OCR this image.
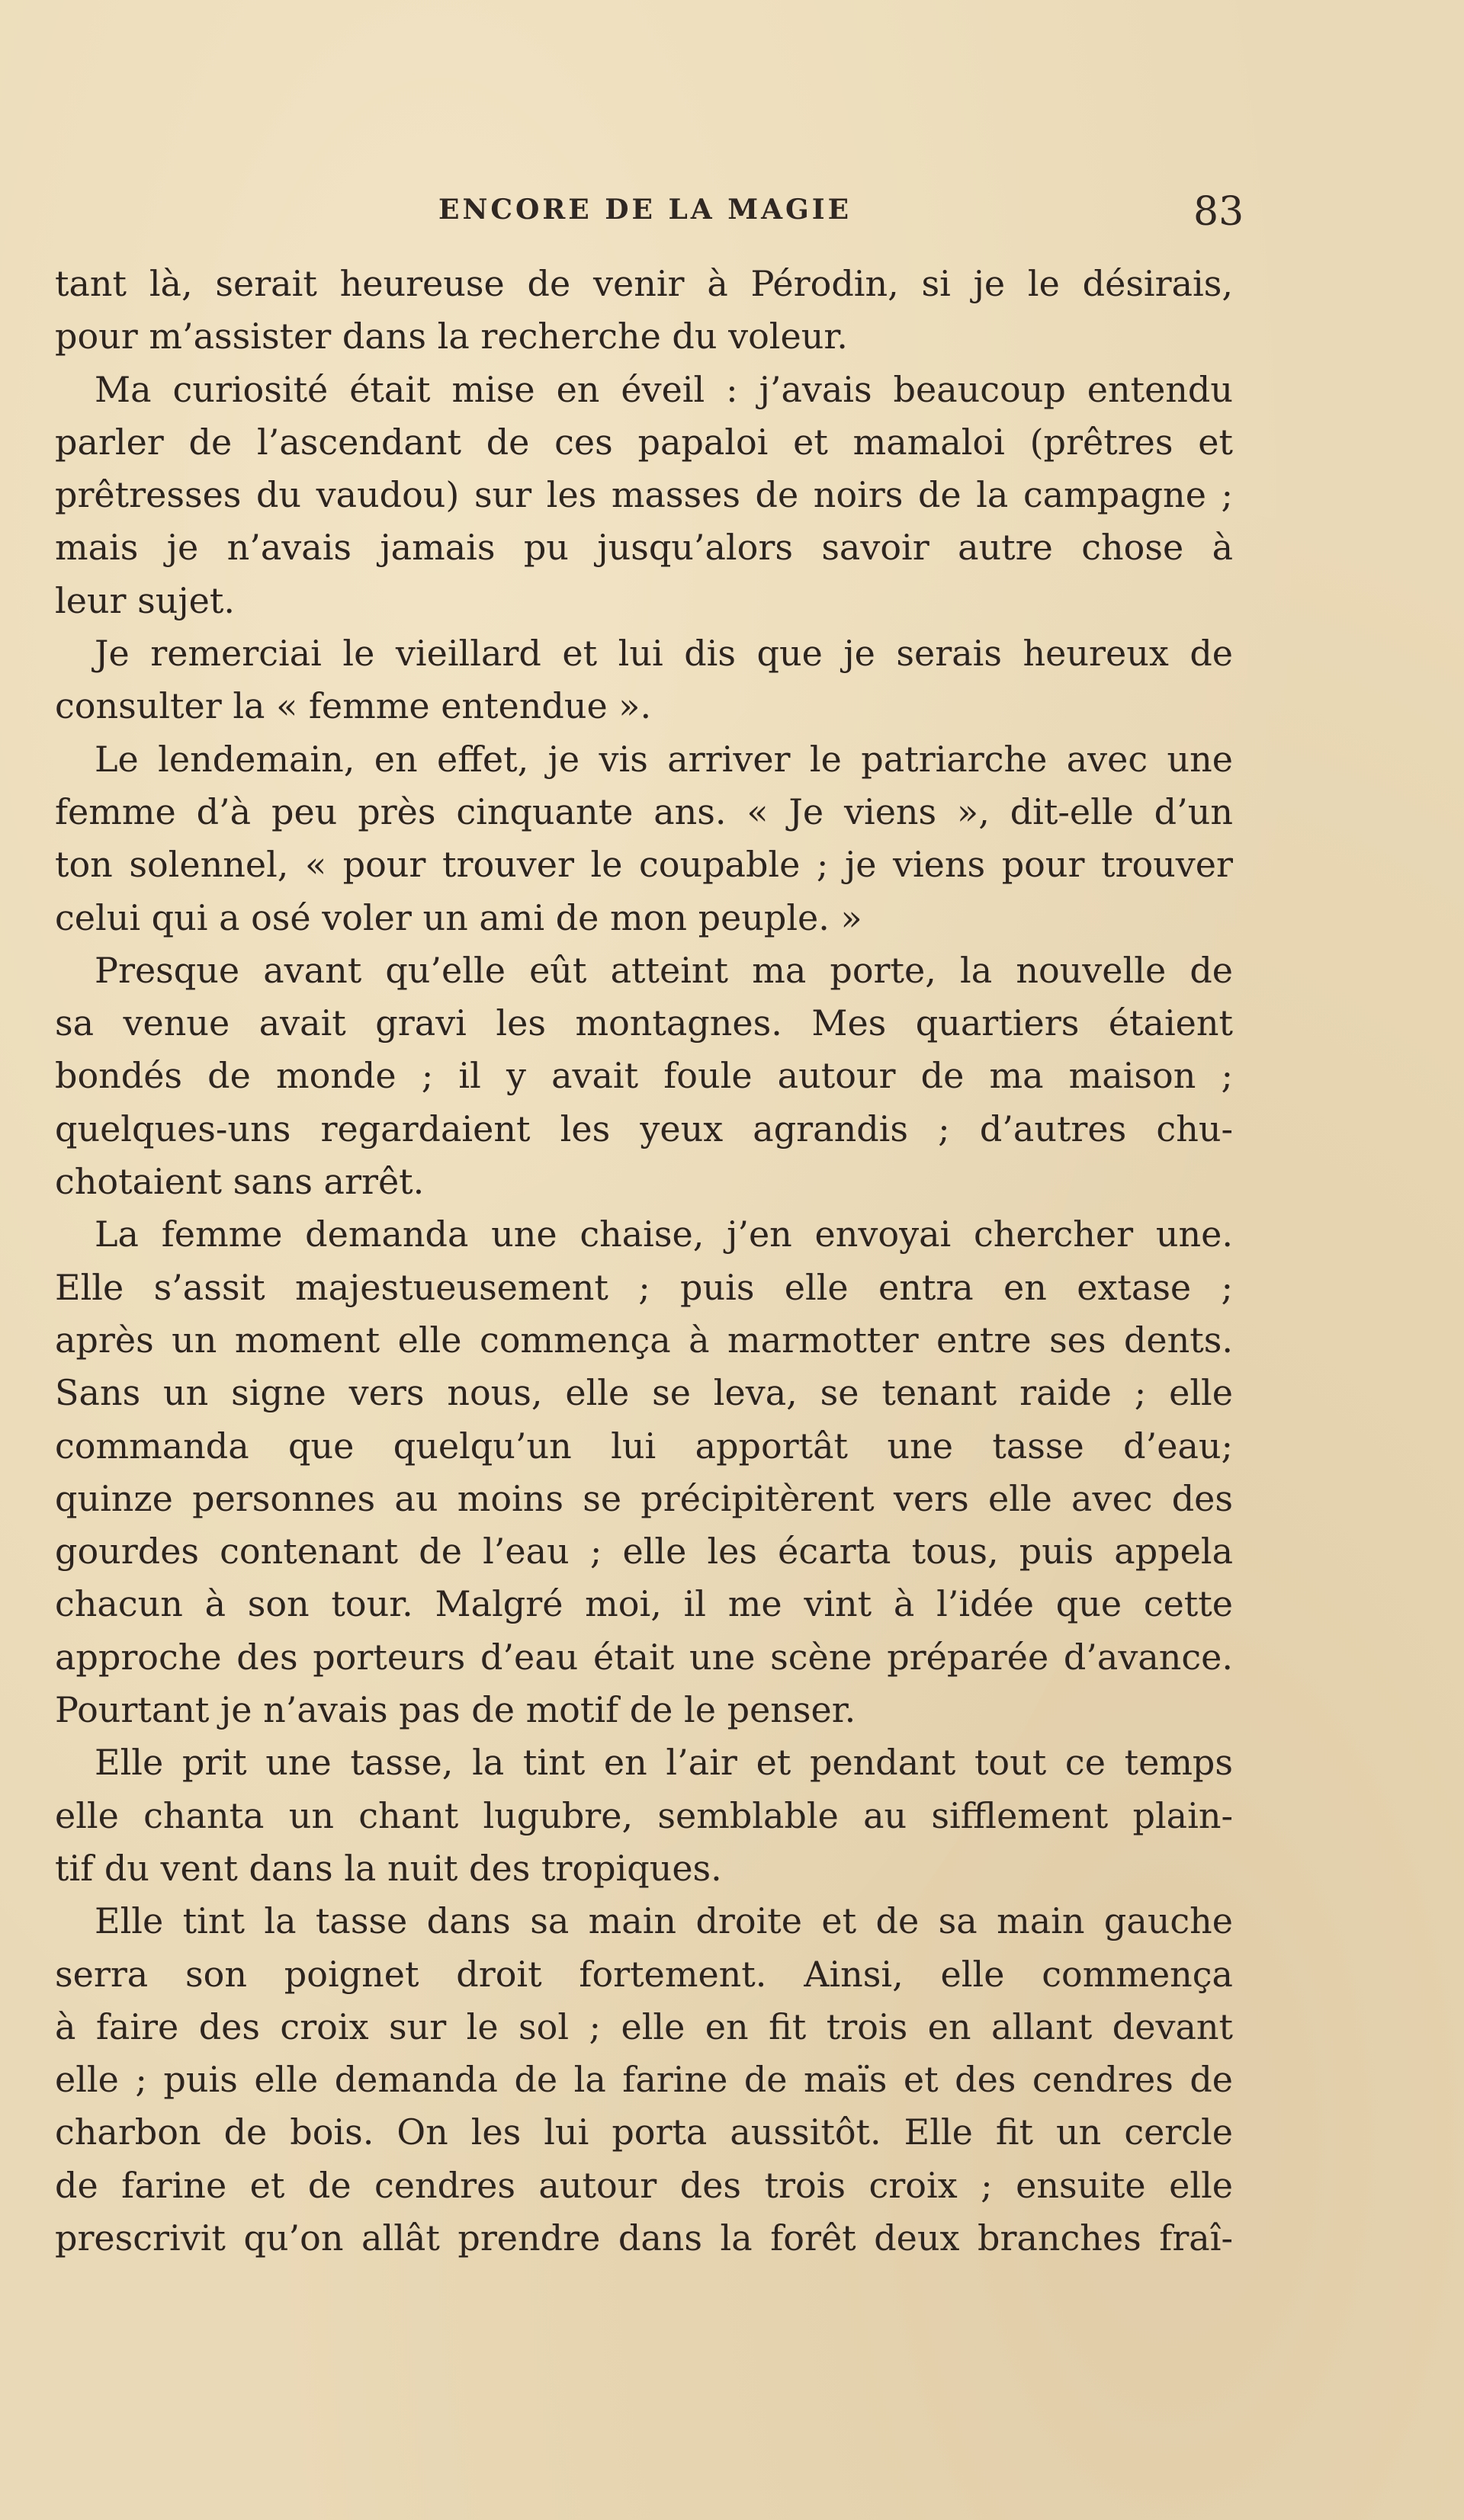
ENCORE DE LA MAGIE	83
tant là, serait heureuse de venir à Pérodin, si je le désirais,
pour m’assister dans la recherche du voleur.
Ma curiosité était mise en éveil : j’avais beaucoup entendu
parler de l’ascendant de ces papaloi et mamaloi (prêtres et
prêtresses du vaudou) sur les masses de noirs de la campagne ;
mais je n’avais jamais pu jusqu’alors savoir autre chose à
leur sujet.
Je remerciai le vieillard et lui dis que je serais heureux de
consulter la « femme entendue ».
Le lendemain, en effet, je vis arriver le patriarche avec une
femme d’à peu près cinquante ans. « Je viens », dit-elle d’un
ton solennel, « pour trouver le coupable ; je viens pour trouver
celui qui a osé voler un ami de mon peuple. »
Presque avant qu’elle eût atteint ma porte, la nouvelle de
sa venue avait gravi les montagnes. Mes quartiers étaient
bondés de monde ; il y avait foule autour de ma maison ;
quelques-uns regardaient les yeux agrandis ; d’autres chu-
chotaient sans arrêt.
La femme demanda une chaise, j’en envoyai chercher une.
Elle s’assit majestueusement ; puis elle entra en extase ;
après un moment elle commença à marmotter entre ses dents.
Sans un signe vers nous, elle se leva, se tenant raide ; elle
commanda que quelqu’un lui apportât une tasse d’eau;
quinze personnes au moins se précipitèrent vers elle avec des
gourdes contenant de l’eau ; elle les écarta tous, puis appela
chacun à son tour. Malgré moi, il me vint à l’idée que cette
approche des porteurs d’eau était une scène préparée d’avance.
Pourtant je n’avais pas de motif de le penser.
Elle prit une tasse, la tint en l’air et pendant tout ce temps
elle chanta un chant lugubre, semblable au sifflement plain-
tif du vent dans la nuit des tropiques.
Elle tint la tasse dans sa main droite et de sa main gauche
serra son poignet droit fortement. Ainsi, elle commença
à faire des croix sur le sol ; elle en fit trois en allant devant
elle ; puis elle demanda de la farine de maïs et des cendres de
charbon de bois. On les lui porta aussitôt. Elle fit un cercle
de farine et de cendres autour des trois croix ; ensuite elle
prescrivit qu’on allât prendre dans la forêt deux branches fraî-
